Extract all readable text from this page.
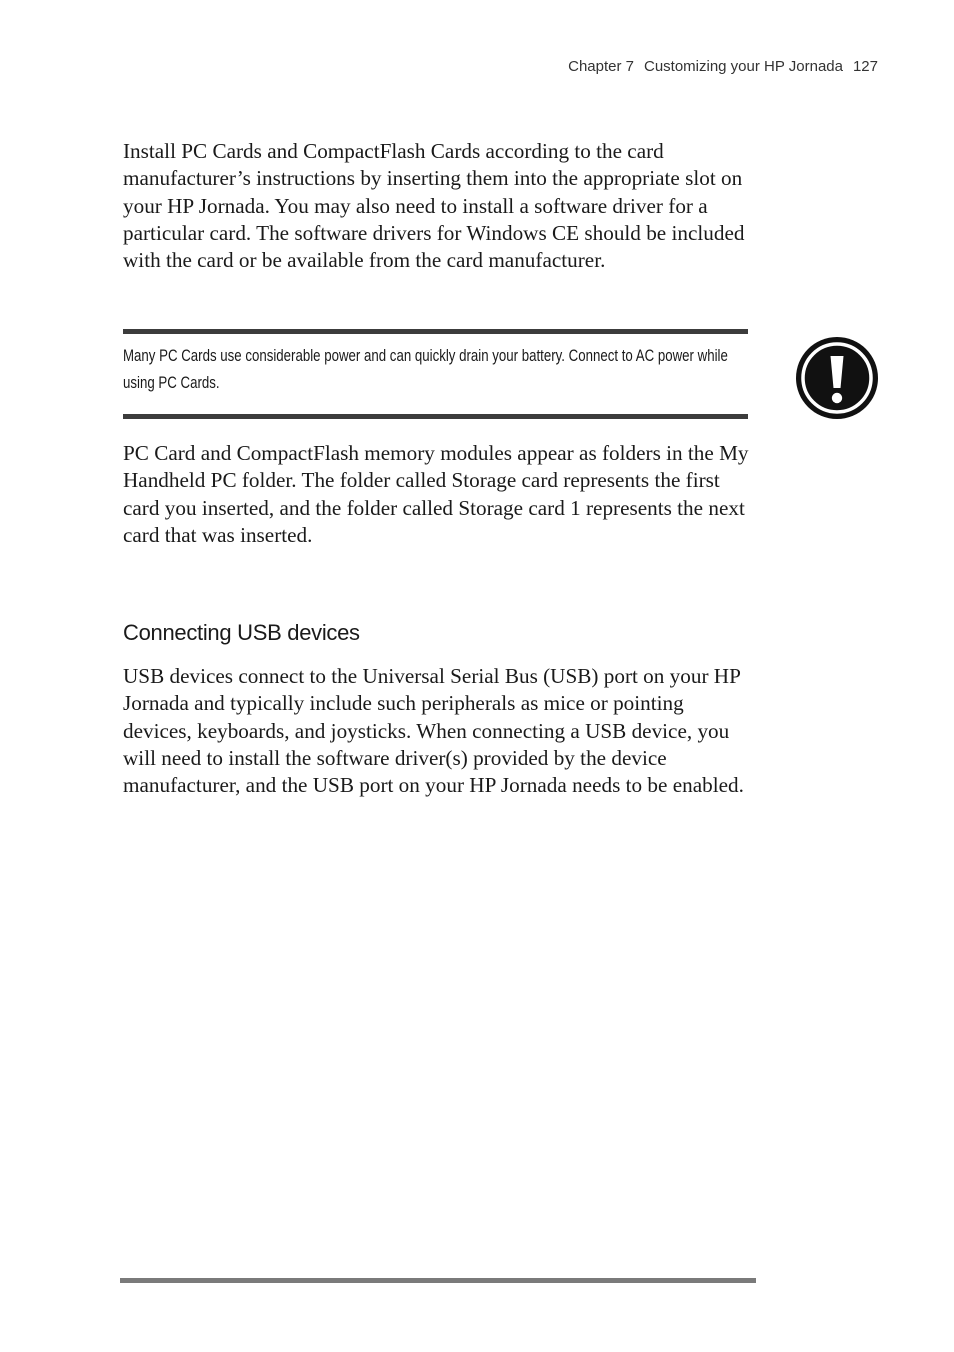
Chapter 7 Customizing your HP Jornada 127

Install PC Cards and CompactFlash Cards according to the card manufacturer’s instructions by inserting them into the appropriate slot on your HP Jornada. You may also need to install a software driver for a particular card. The software drivers for Windows CE should be included with the card or be available from the card manufacturer.

Many PC Cards use considerable power and can quickly drain your battery. Connect to AC power while using PC Cards.

PC Card and CompactFlash memory modules appear as folders in the My Handheld PC folder. The folder called Storage card represents the first card you inserted, and the folder called Storage card 1 represents the next card that was inserted.

Connecting USB devices

USB devices connect to the Universal Serial Bus (USB) port on your HP Jornada and typically include such peripherals as mice or pointing devices, keyboards, and joysticks. When connecting a USB device, you will need to install the software driver(s) provided by the device manufacturer, and the USB port on your HP Jornada needs to be enabled.
